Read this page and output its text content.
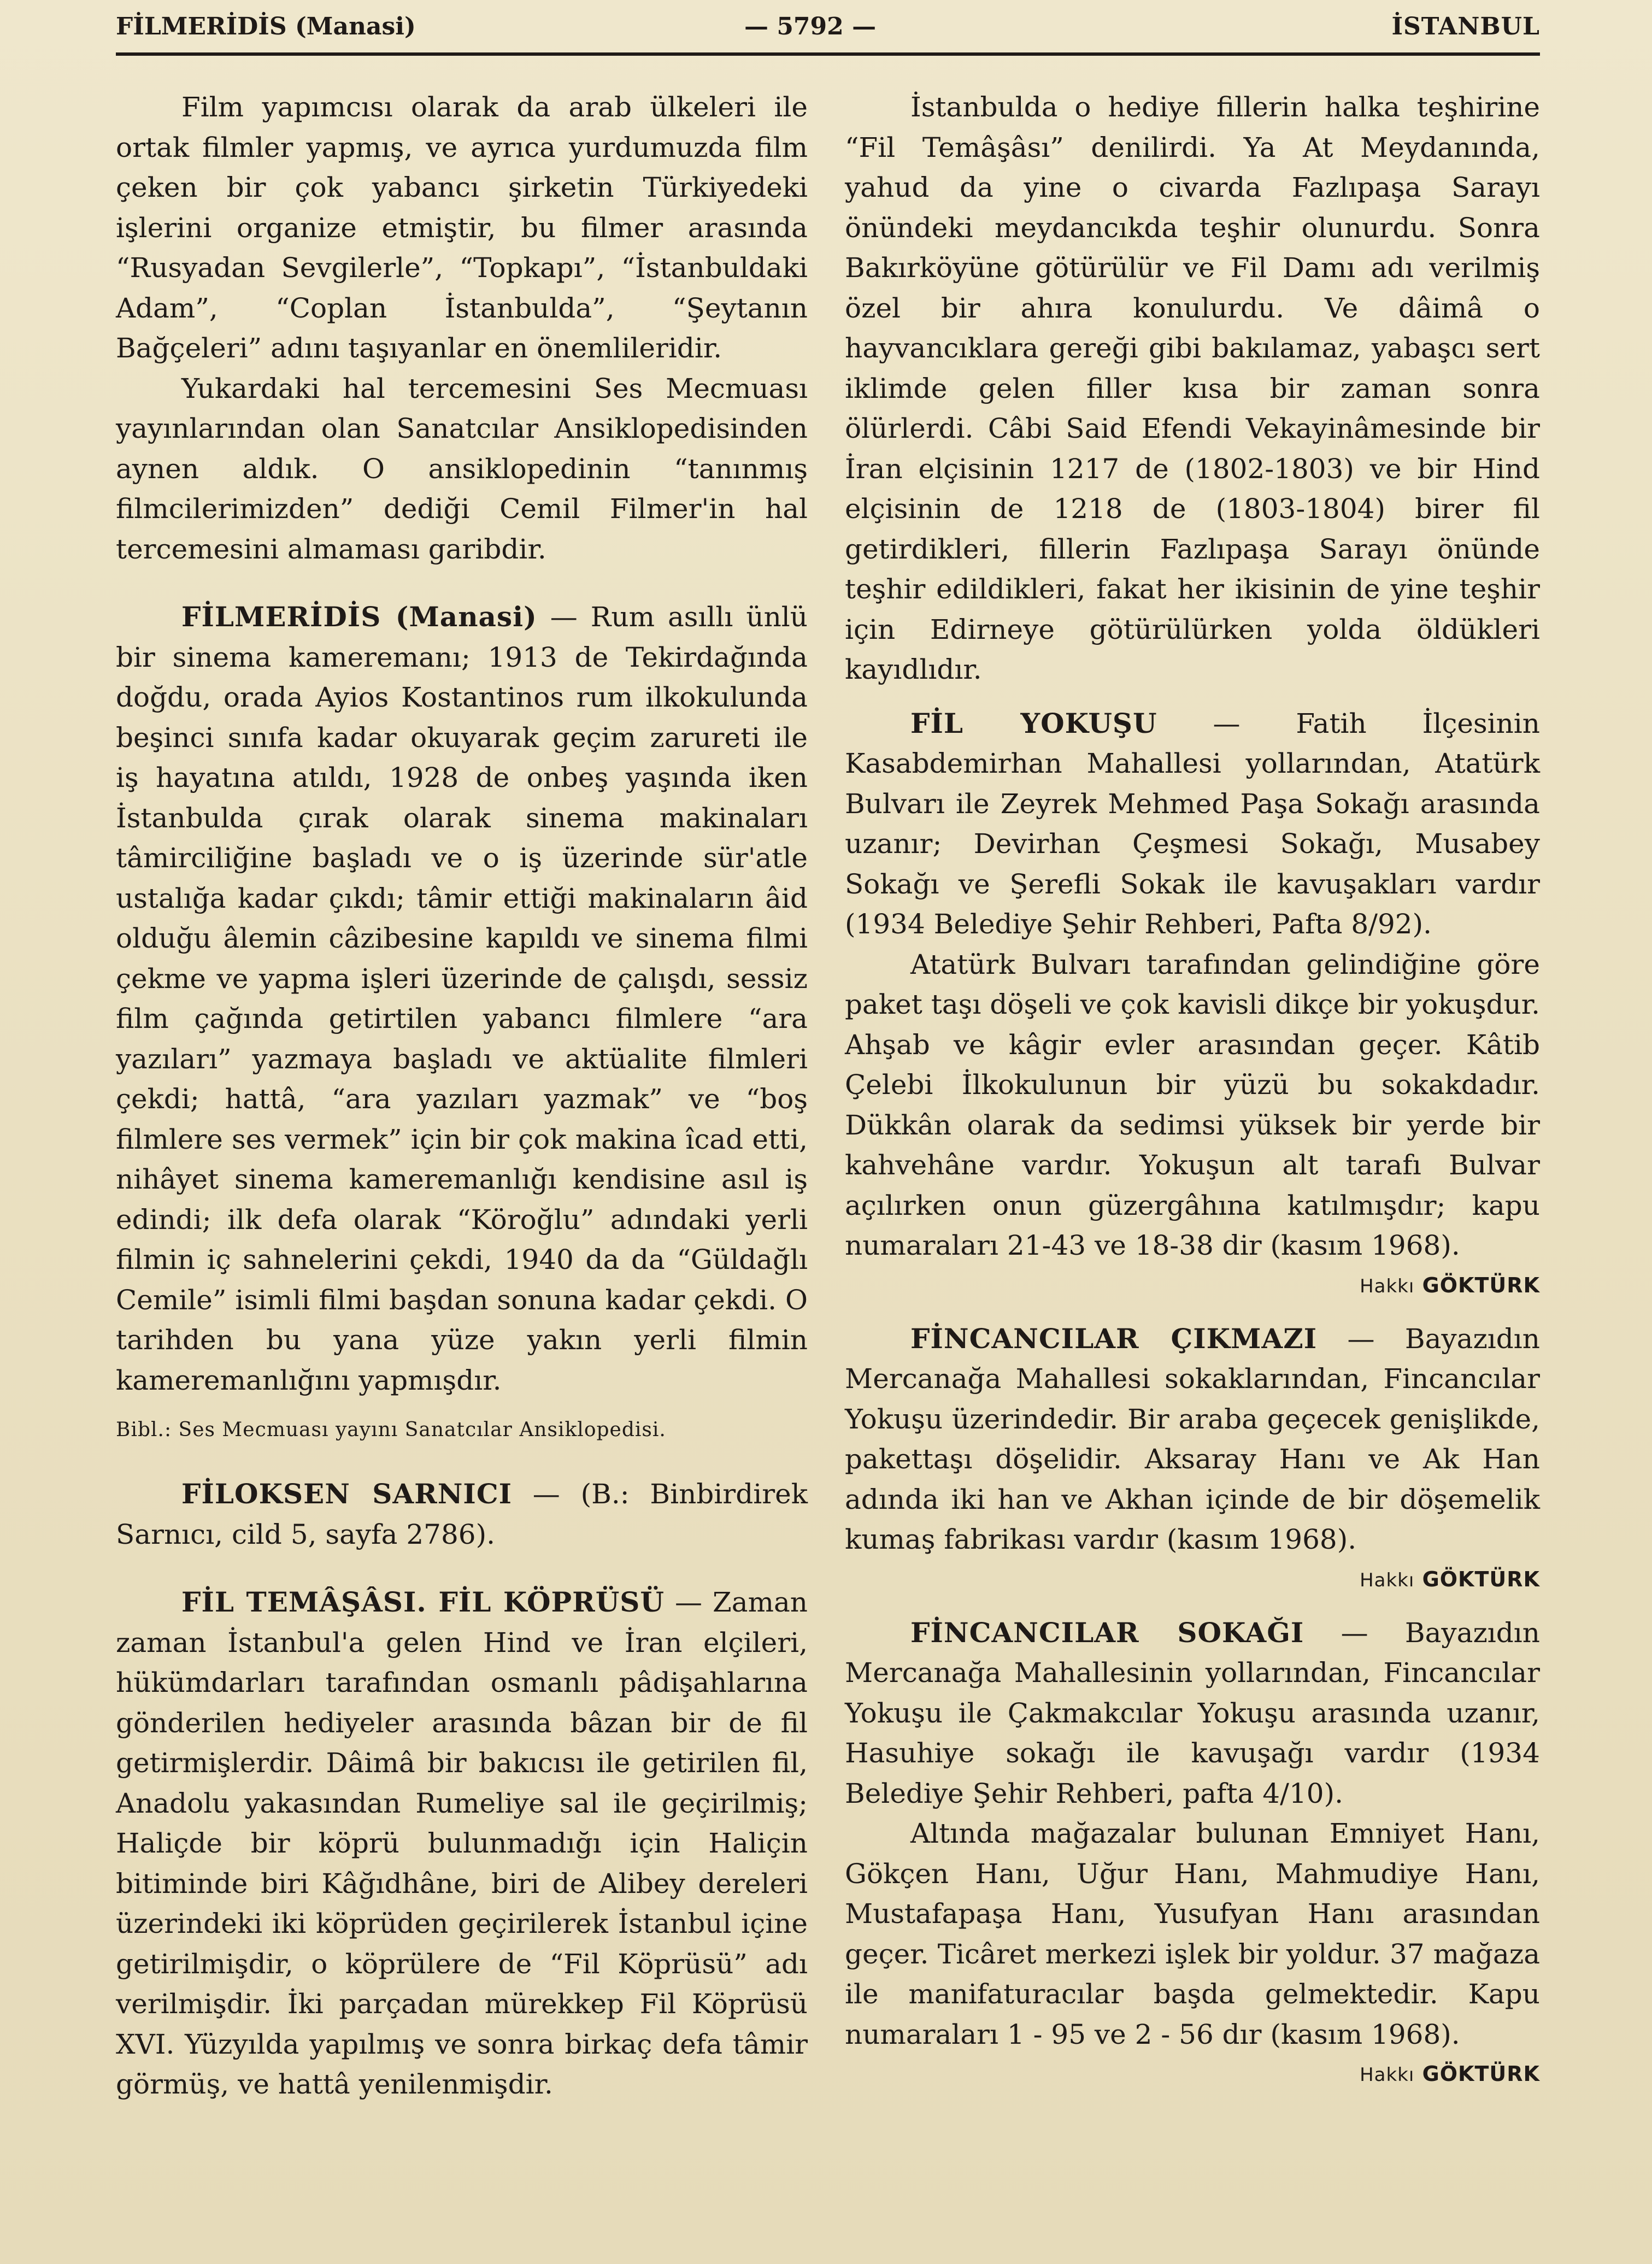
FİLMERİDİS (Manasi)	— 5792 —	İSTANBUL

Film yapımcısı olarak da arab ülkeleri ile ortak filmler yapmış, ve ayrıca yurdumuzda film çeken bir çok yabancı şirketin Türkiyedeki işlerini organize etmiştir, bu filmer arasında “Rusyadan Sevgilerle”, “Topkapı”, “İstanbuldaki Adam”, “Coplan İstanbulda”, “Şeytanın Bağçeleri” adını taşıyanlar en önemlileridir.

Yukardaki hal tercemesini Ses Mecmuası yayınlarından olan Sanatcılar Ansiklopedisinden aynen aldık. O ansiklopedinin “tanınmış filmcilerimizden” dediği Cemil Filmer'in hal tercemesini almaması garibdir.

FİLMERİDİS (Manasi) — Rum asıllı ünlü bir sinema kameremanı; 1913 de Tekirdağında doğdu, orada Ayios Kostantinos rum ilkokulunda beşinci sınıfa kadar okuyarak geçim zarureti ile iş hayatına atıldı, 1928 de onbeş yaşında iken İstanbulda çırak olarak sinema makinaları tâmirciliğine başladı ve o iş üzerinde sür'atle ustalığa kadar çıkdı; tâmir ettiği makinaların âid olduğu âlemin câzibesine kapıldı ve sinema filmi çekme ve yapma işleri üzerinde de çalışdı, sessiz film çağında getirtilen yabancı filmlere “ara yazıları” yazmaya başladı ve aktüalite filmleri çekdi; hattâ, “ara yazıları yazmak” ve “boş filmlere ses vermek” için bir çok makina îcad etti, nihâyet sinema kameremanlığı kendisine asıl iş edindi; ilk defa olarak “Köroğlu” adındaki yerli filmin iç sahnelerini çekdi, 1940 da da “Güldağlı Cemile” isimli filmi başdan sonuna kadar çekdi. O tarihden bu yana yüze yakın yerli filmin kameremanlığını yapmışdır.

Bibl.: Ses Mecmuası yayını Sanatcılar Ansiklopedisi.

FİLOKSEN SARNICI — (B.: Binbirdirek Sarnıcı, cild 5, sayfa 2786).

FİL TEMÂŞÂSI. FİL KÖPRÜSÜ — Zaman zaman İstanbul'a gelen Hind ve İran elçileri, hükümdarları tarafından osmanlı pâdişahlarına gönderilen hediyeler arasında bâzan bir de fil getirmişlerdir. Dâimâ bir bakıcısı ile getirilen fil, Anadolu yakasından Rumeliye sal ile geçirilmiş; Haliçde bir köprü bulunmadığı için Haliçin bitiminde biri Kâğıdhâne, biri de Alibey dereleri üzerindeki iki köprüden geçirilerek İstanbul içine getirilmişdir, o köprülere de “Fil Köprüsü” adı verilmişdir. İki parçadan mürekkep Fil Köprüsü XVI. Yüzyılda yapılmış ve sonra birkaç defa tâmir görmüş, ve hattâ yenilenmişdir.

İstanbulda o hediye fillerin halka teşhirine “Fil Temâşâsı” denilirdi. Ya At Meydanında, yahud da yine o civarda Fazlıpaşa Sarayı önündeki meydancıkda teşhir olunurdu. Sonra Bakırköyüne götürülür ve Fil Damı adı verilmiş özel bir ahıra konulurdu. Ve dâimâ o hayvancıklara gereği gibi bakılamaz, yabaşcı sert iklimde gelen filler kısa bir zaman sonra ölürlerdi. Câbi Said Efendi Vekayinâmesinde bir İran elçisinin 1217 de (1802-1803) ve bir Hind elçisinin de 1218 de (1803-1804) birer fil getirdikleri, fillerin Fazlıpaşa Sarayı önünde teşhir edildikleri, fakat her ikisinin de yine teşhir için Edirneye götürülürken yolda öldükleri kayıdlıdır.

FİL YOKUŞU — Fatih İlçesinin Kasabdemirhan Mahallesi yollarından, Atatürk Bulvarı ile Zeyrek Mehmed Paşa Sokağı arasında uzanır; Devirhan Çeşmesi Sokağı, Musabey Sokağı ve Şerefli Sokak ile kavuşakları vardır (1934 Belediye Şehir Rehberi, Pafta 8/92).

Atatürk Bulvarı tarafından gelindiğine göre paket taşı döşeli ve çok kavisli dikçe bir yokuşdur. Ahşab ve kâgir evler arasından geçer. Kâtib Çelebi İlkokulunun bir yüzü bu sokakdadır. Dükkân olarak da sedimsi yüksek bir yerde bir kahvehâne vardır. Yokuşun alt tarafı Bulvar açılırken onun güzergâhına katılmışdır; kapu numaraları 21-43 ve 18-38 dir (kasım 1968).

Hakkı GÖKTÜRK

FİNCANCILAR ÇIKMAZI — Bayazıdın Mercanağa Mahallesi sokaklarından, Fincancılar Yokuşu üzerindedir. Bir araba geçecek genişlikde, pakettaşı döşelidir. Aksaray Hanı ve Ak Han adında iki han ve Akhan içinde de bir döşemelik kumaş fabrikası vardır (kasım 1968).

Hakkı GÖKTÜRK

FİNCANCILAR SOKAĞI — Bayazıdın Mercanağa Mahallesinin yollarından, Fincancılar Yokuşu ile Çakmakcılar Yokuşu arasında uzanır, Hasuhiye sokağı ile kavuşağı vardır (1934 Belediye Şehir Rehberi, pafta 4/10).

Altında mağazalar bulunan Emniyet Hanı, Gökçen Hanı, Uğur Hanı, Mahmudiye Hanı, Mustafapaşa Hanı, Yusufyan Hanı arasından geçer. Ticâret merkezi işlek bir yoldur. 37 mağaza ile manifaturacılar başda gelmektedir. Kapu numaraları 1 - 95 ve 2 - 56 dır (kasım 1968).

Hakkı GÖKTÜRK
